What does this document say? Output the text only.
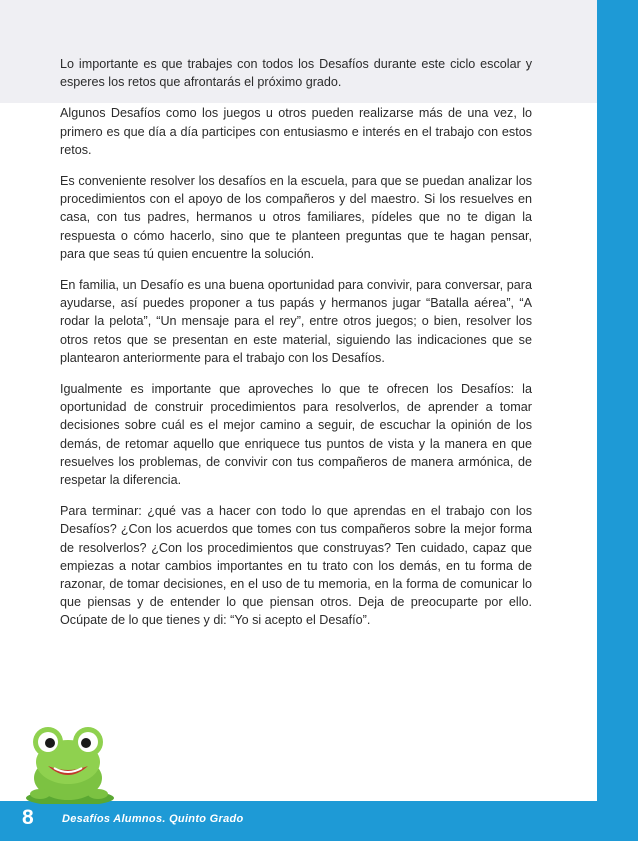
Lo importante es que trabajes con todos los Desafíos durante este ciclo escolar y esperes los retos que afrontarás el próximo grado.

Algunos Desafíos como los juegos u otros pueden realizarse más de una vez, lo primero es que día a día participes con entusiasmo e interés en el trabajo con estos retos.

Es conveniente resolver los desafíos en la escuela, para que se puedan analizar los procedimientos con el apoyo de los compañeros y del maestro. Si los resuelves en casa, con tus padres, hermanos u otros familiares, pídeles que no te digan la respuesta o cómo hacerlo, sino que te planteen preguntas que te hagan pensar, para que seas tú quien encuentre la solución.

En familia, un Desafío es una buena oportunidad para convivir, para conversar, para ayudarse, así puedes proponer a tus papás y hermanos jugar “Batalla aérea”, “A rodar la pelota”, “Un mensaje para el rey”, entre otros juegos; o bien, resolver los otros retos que se presentan en este material, siguiendo las indicaciones que se plantearon anteriormente para el trabajo con los Desafíos.

Igualmente es importante que aproveches lo que te ofrecen los Desafíos: la oportunidad de construir procedimientos para resolverlos, de aprender a tomar decisiones sobre cuál es el mejor camino a seguir, de escuchar la opinión de los demás, de retomar aquello que enriquece tus puntos de vista y la manera en que resuelves los problemas, de convivir con tus compañeros de manera armónica, de respetar la diferencia.

Para terminar: ¿qué vas a hacer con todo lo que aprendas en el trabajo con los Desafíos? ¿Con los acuerdos que tomes con tus compañeros sobre la mejor forma de resolverlos? ¿Con los procedimientos que construyas? Ten cuidado, capaz que empiezas a notar cambios importantes en tu trato con los demás, en tu forma de razonar, de tomar decisiones, en el uso de tu memoria, en la forma de comunicar lo que piensas y de entender lo que piensan otros. Deja de preocuparte por ello. Ocúpate de lo que tienes y di: “Yo si acepto el Desafío”.

8	Desafíos Alumnos. Quinto Grado
